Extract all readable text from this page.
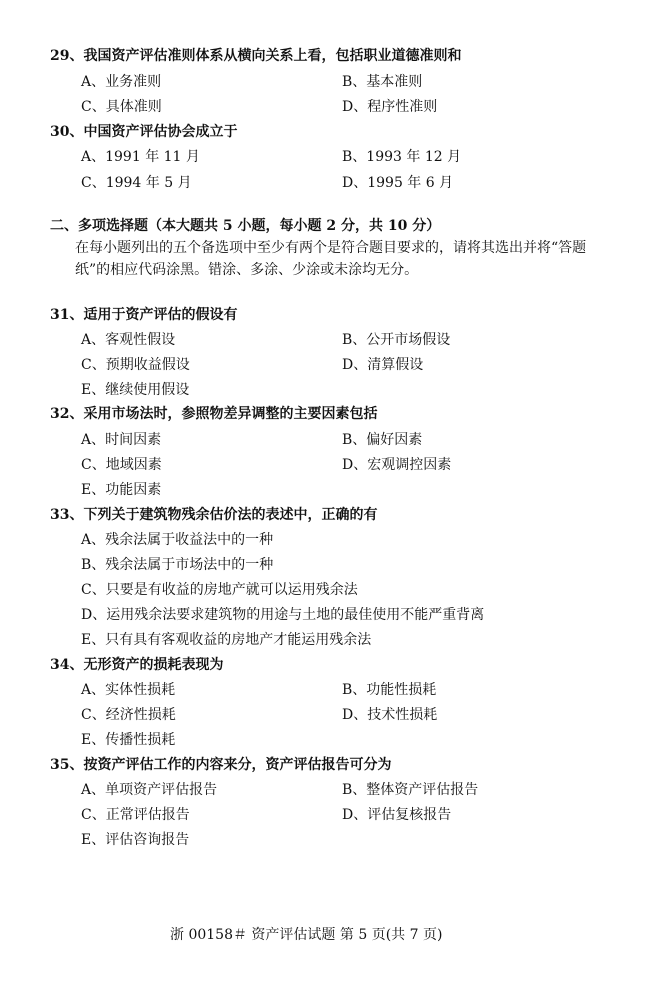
29、我国资产评估准则体系从横向关系上看，包括职业道德准则和
A、业务准则	B、基本准则
C、具体准则	D、程序性准则
30、中国资产评估协会成立于
A、1991 年 11 月	B、1993 年 12 月
C、1994 年 5 月	D、1995 年 6 月
二、多项选择题（本大题共 5 小题，每小题 2 分，共 10 分）
在每小题列出的五个备选项中至少有两个是符合题目要求的，请将其选出并将“答题
纸”的相应代码涂黑。错涂、多涂、少涂或未涂均无分。
31、适用于资产评估的假设有
A、客观性假设	B、公开市场假设
C、预期收益假设	D、清算假设
E、继续使用假设
32、采用市场法时，参照物差异调整的主要因素包括
A、时间因素	B、偏好因素
C、地域因素	D、宏观调控因素
E、功能因素
33、下列关于建筑物残余估价法的表述中，正确的有
A、残余法属于收益法中的一种
B、残余法属于市场法中的一种
C、只要是有收益的房地产就可以运用残余法
D、运用残余法要求建筑物的用途与土地的最佳使用不能严重背离
E、只有具有客观收益的房地产才能运用残余法
34、无形资产的损耗表现为
A、实体性损耗	B、功能性损耗
C、经济性损耗	D、技术性损耗
E、传播性损耗
35、按资产评估工作的内容来分，资产评估报告可分为
A、单项资产评估报告	B、整体资产评估报告
C、正常评估报告	D、评估复核报告
E、评估咨询报告
浙 00158＃ 资产评估试题 第 5 页(共 7 页)
